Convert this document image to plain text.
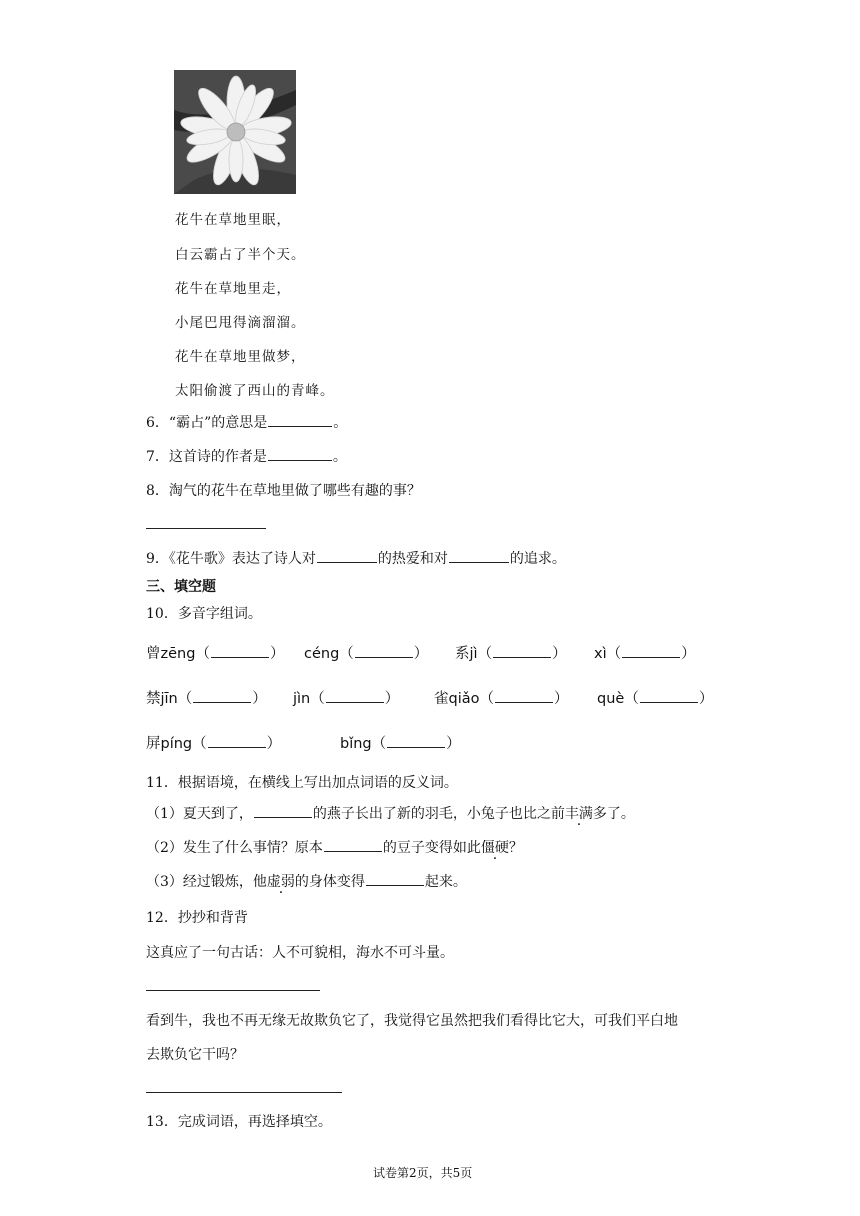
花牛在草地里眠，
白云霸占了半个天。
花牛在草地里走，
小尾巴甩得滴溜溜。
花牛在草地里做梦，
太阳偷渡了西山的青峰。
6．“霸占”的意思是	。
7．这首诗的作者是	。
8．淘气的花牛在草地里做了哪些有趣的事？
9．《花牛歌》表达了诗人对	的热爱和对	的追求。
三、填空题
10．多音字组词。
曾zēng（	） céng（	） 系jì（	） xì（	）
禁jīn（	） jìn（	） 雀qiǎo（	） què（	）
屏píng（	）	bǐng（	）
11．根据语境，在横线上写出加点词语的反义词。
（1）夏天到了，	的燕子长出了新的羽毛，小兔子也比之前丰满多了。
（2）发生了什么事情？原本	的豆子变得如此僵硬？
（3）经过锻炼，他虚弱的身体变得	起来。
12．抄抄和背背
这真应了一句古话：人不可貌相，海水不可斗量。
看到牛，我也不再无缘无故欺负它了，我觉得它虽然把我们看得比它大，可我们平白地
去欺负它干吗？
13．完成词语，再选择填空。
试卷第2页，共5页
